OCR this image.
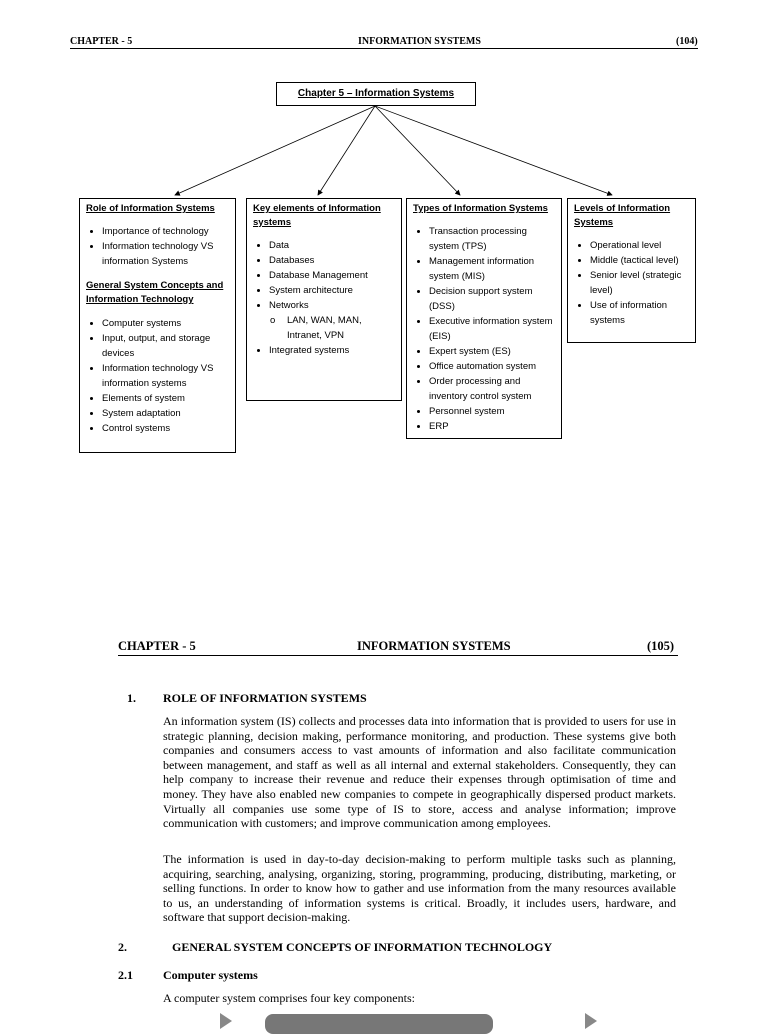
CHAPTER - 5	INFORMATION SYSTEMS	(104)
Chapter 5 – Information Systems
Role of Information Systems
• Importance of technology
• Information technology VS information Systems
General System Concepts and Information Technology
• Computer systems
• Input, output, and storage devices
• Information technology VS information systems
• Elements of system
• System adaptation
• Control systems
Key elements of Information systems
• Data
• Databases
• Database Management
• System architecture
• Networks
o LAN, WAN, MAN, Intranet, VPN
• Integrated systems
Types of Information Systems
• Transaction processing system (TPS)
• Management information system (MIS)
• Decision support system (DSS)
• Executive information system (EIS)
• Expert system (ES)
• Office automation system
• Order processing and inventory control system
• Personnel system
• ERP
Levels of Information Systems
• Operational level
• Middle (tactical level)
• Senior level (strategic level)
• Use of information systems
CHAPTER - 5	INFORMATION SYSTEMS	(105)
1. ROLE OF INFORMATION SYSTEMS
An information system (IS) collects and processes data into information that is provided to users for use in strategic planning, decision making, performance monitoring, and production. These systems give both companies and consumers access to vast amounts of information and also facilitate communication between management, and staff as well as all internal and external stakeholders. Consequently, they can help company to increase their revenue and reduce their expenses through optimisation of time and money. They have also enabled new companies to compete in geographically dispersed product markets. Virtually all companies use some type of IS to store, access and analyse information; improve communication with customers; and improve communication among employees.
The information is used in day-to-day decision-making to perform multiple tasks such as planning, acquiring, searching, analysing, organizing, storing, programming, producing, distributing, marketing, or selling functions. In order to know how to gather and use information from the many resources available to us, an understanding of information systems is critical. Broadly, it includes users, hardware, and software that support decision-making.
2.	GENERAL SYSTEM CONCEPTS OF INFORMATION TECHNOLOGY
2.1	Computer systems
A computer system comprises four key components:
